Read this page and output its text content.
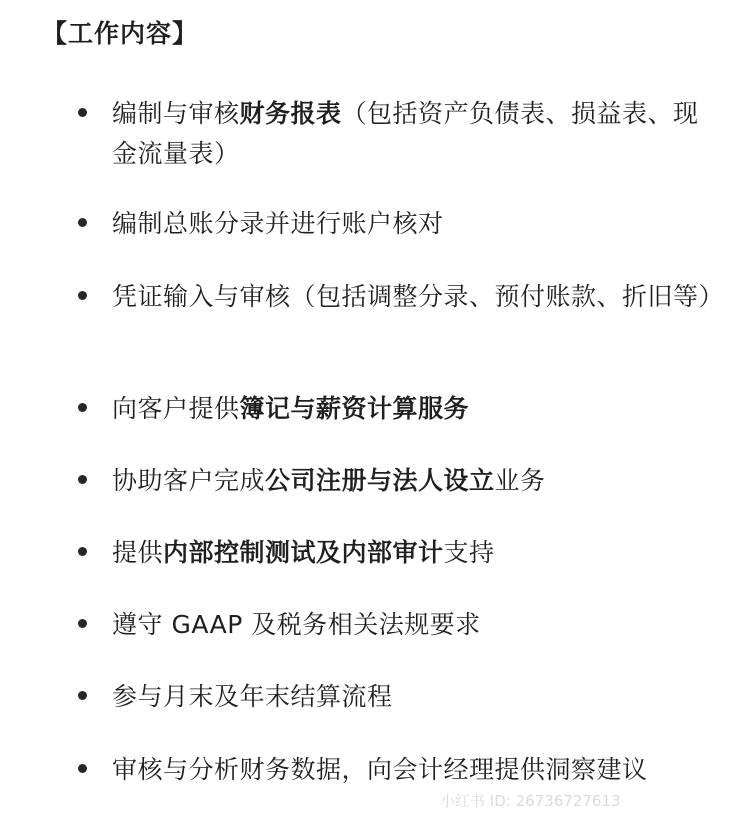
【工作内容】
编制与审核财务报表（包括资产负债表、损益表、现金流量表）
编制总账分录并进行账户核对
凭证输入与审核（包括调整分录、预付账款、折旧等）
向客户提供簿记与薪资计算服务
协助客户完成公司注册与法人设立业务
提供内部控制测试及内部审计支持
遵守 GAAP 及税务相关法规要求
参与月末及年末结算流程
审核与分析财务数据，向会计经理提供洞察建议
小红书 ID: 26736727613
